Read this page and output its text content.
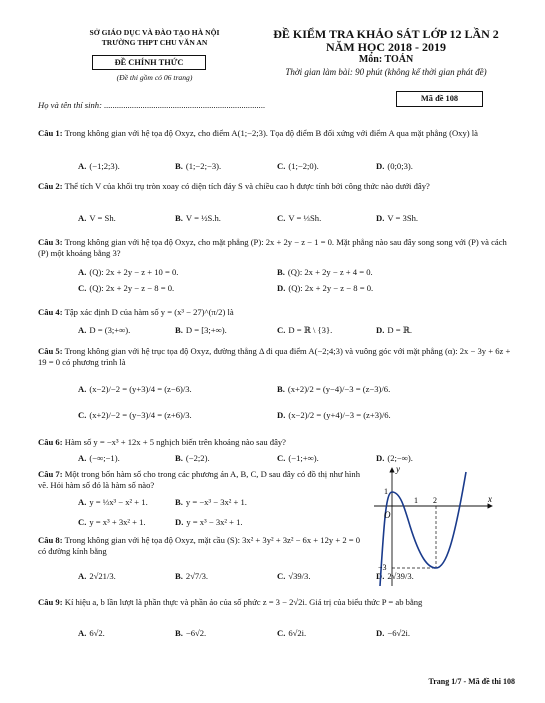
SỞ GIÁO DỤC VÀ ĐÀO TẠO HÀ NỘI
TRƯỜNG THPT CHU VĂN AN
ĐỀ CHÍNH THỨC
(Đề thi gồm có 06 trang)
ĐỀ KIỂM TRA KHẢO SÁT LỚP 12 LẦN 2
NĂM HỌC 2018 - 2019
Môn: TOÁN
Thời gian làm bài: 90 phút (không kể thời gian phát đề)
Họ và tên thí sinh: ...........................................................................
Mã đề 108
Câu 1: Trong không gian với hệ tọa độ Oxyz, cho điểm A(1;−2;3). Tọa độ điểm B đối xứng với điểm A qua mặt phẳng (Oxy) là
A. (−1;2;3).	B. (1;−2;−3).	C. (1;−2;0).	D. (0;0;3).
Câu 2: Thể tích V của khối trụ tròn xoay có diện tích đáy S và chiều cao h được tính bởi công thức nào dưới đây?
A. V = Sh.	B. V = ½S.h.	C. V = ⅓Sh.	D. V = 3Sh.
Câu 3: Trong không gian với hệ tọa độ Oxyz, cho mặt phẳng (P): 2x + 2y − z − 1 = 0. Mặt phẳng nào sau đây song song với (P) và cách (P) một khoảng bằng 3?
A. (Q): 2x + 2y − z + 10 = 0.	B. (Q): 2x + 2y − z + 4 = 0.
C. (Q): 2x + 2y − z − 8 = 0.	D. (Q): 2x + 2y − z − 8 = 0.
Câu 4: Tập xác định D của hàm số y = (x³ − 27)^(π/2) là
A. D = (3;+∞).	B. D = [3;+∞).	C. D = ℝ \ {3}.	D. D = ℝ.
Câu 5: Trong không gian với hệ trục tọa độ Oxyz, đường thẳng Δ đi qua điểm A(−2;4;3) và vuông góc với mặt phẳng (α): 2x − 3y + 6z + 19 = 0 có phương trình là
A. (x−2)/−2 = (y+3)/4 = (z−6)/3.	B. (x+2)/2 = (y−4)/−3 = (z−3)/6.
C. (x+2)/−2 = (y−3)/4 = (z+6)/3.	D. (x−2)/2 = (y+4)/−3 = (z+3)/6.
Câu 6: Hàm số y = −x³ + 12x + 5 nghịch biến trên khoảng nào sau đây?
A. (−∞;−1).	B. (−2;2).	C. (−1;+∞).	D. (2;−∞).
Câu 7: Một trong bốn hàm số cho trong các phương án A, B, C, D sau đây có đồ thị như hình vẽ. Hỏi hàm số đó là hàm số nào?
A. y = ⅓x³ − x² + 1.	B. y = −x³ − 3x² + 1.
C. y = x³ + 3x² + 1.	D. y = x³ − 3x² + 1.
Câu 8: Trong không gian với hệ tọa độ Oxyz, mặt cầu (S): 3x² + 3y² + 3z² − 6x + 12y + 2 = 0 có đường kính bằng
A. 2√21/3.	B. 2√7/3.	C. √39/3.	D. 2√39/3.
Câu 9: Kí hiệu a, b lần lượt là phần thực và phần ảo của số phức z = 3 − 2√2i. Giá trị của biểu thức P = ab bằng
A. 6√2.	B. −6√2.	C. 6√2i.	D. −6√2i.
y
x
O
1 2
1
−3
Trang 1/7 - Mã đề thi 108
